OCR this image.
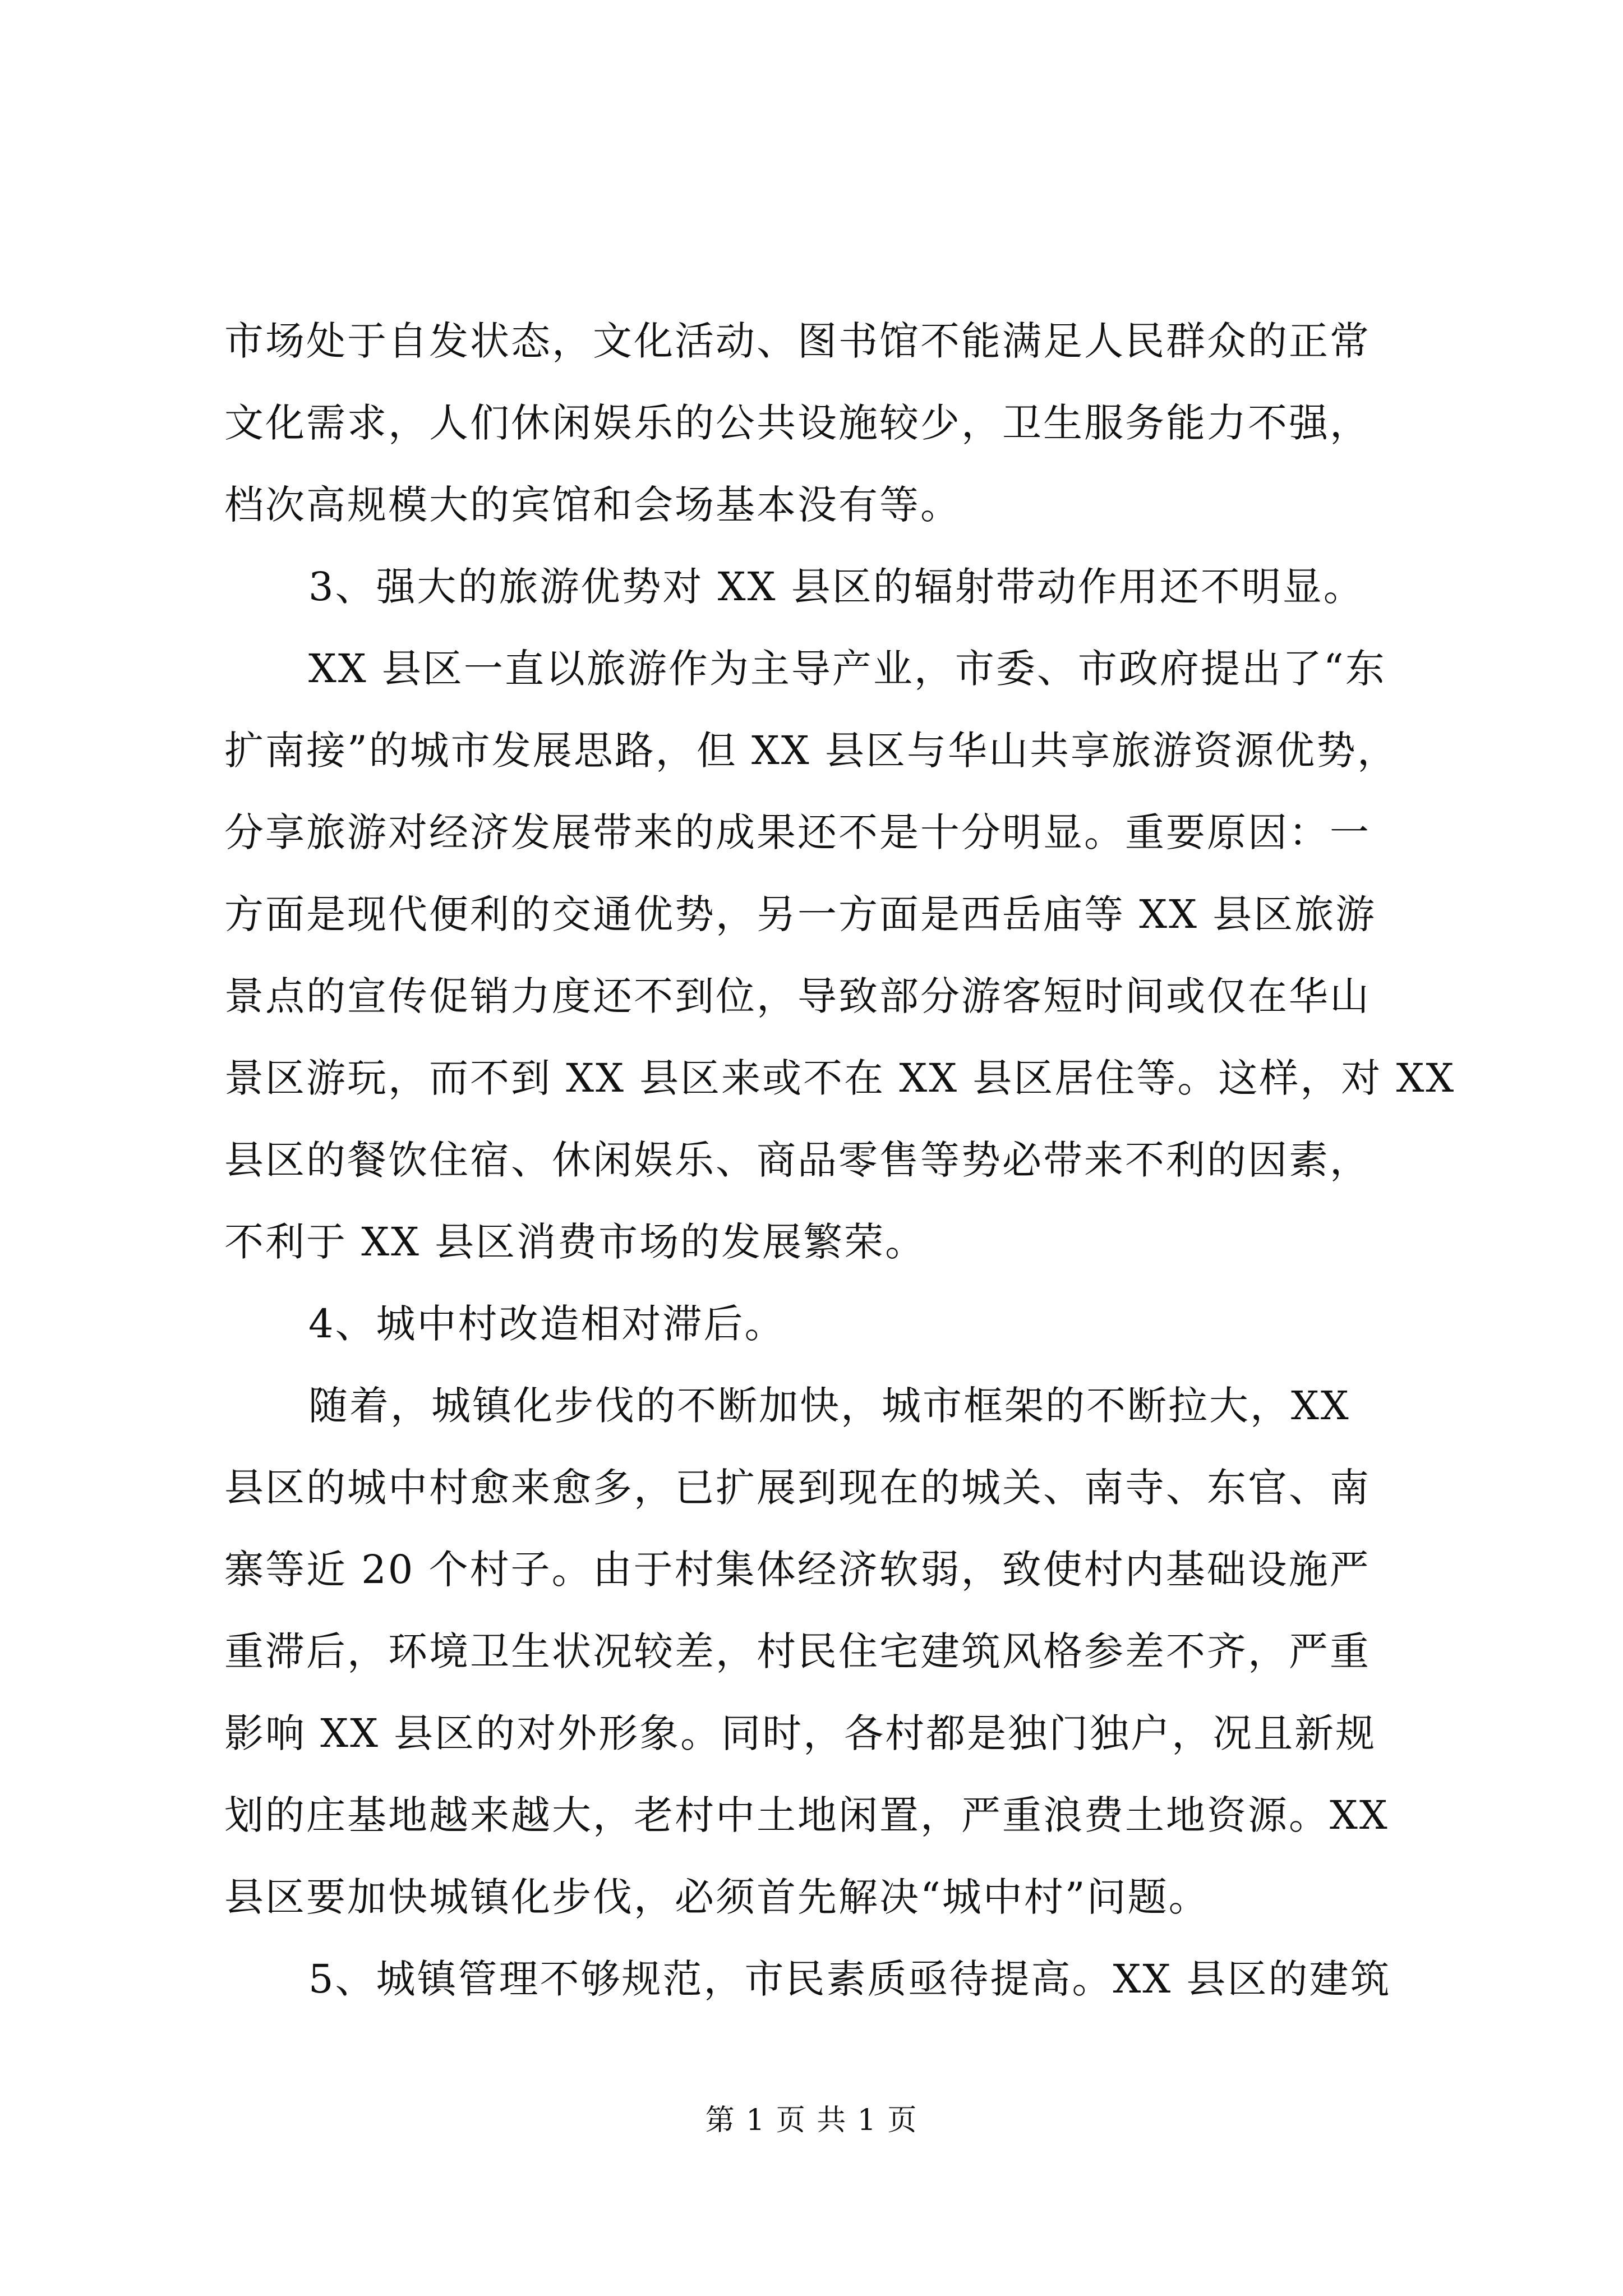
市场处于自发状态，文化活动、图书馆不能满足人民群众的正常
文化需求，人们休闲娱乐的公共设施较少，卫生服务能力不强，
档次高规模大的宾馆和会场基本没有等。
3、强大的旅游优势对 XX 县区的辐射带动作用还不明显。
XX 县区一直以旅游作为主导产业，市委、市政府提出了“东
扩南接”的城市发展思路，但 XX 县区与华山共享旅游资源优势，
分享旅游对经济发展带来的成果还不是十分明显。重要原因：一
方面是现代便利的交通优势，另一方面是西岳庙等 XX 县区旅游
景点的宣传促销力度还不到位，导致部分游客短时间或仅在华山
景区游玩，而不到 XX 县区来或不在 XX 县区居住等。这样，对 XX
县区的餐饮住宿、休闲娱乐、商品零售等势必带来不利的因素，
不利于 XX 县区消费市场的发展繁荣。
4、城中村改造相对滞后。
随着，城镇化步伐的不断加快，城市框架的不断拉大，XX
县区的城中村愈来愈多，已扩展到现在的城关、南寺、东官、南
寨等近 20 个村子。由于村集体经济软弱，致使村内基础设施严
重滞后，环境卫生状况较差，村民住宅建筑风格参差不齐，严重
影响 XX 县区的对外形象。同时，各村都是独门独户，况且新规
划的庄基地越来越大，老村中土地闲置，严重浪费土地资源。XX
县区要加快城镇化步伐，必须首先解决“城中村”问题。
5、城镇管理不够规范，市民素质亟待提高。XX 县区的建筑
第 1 页 共 1 页
